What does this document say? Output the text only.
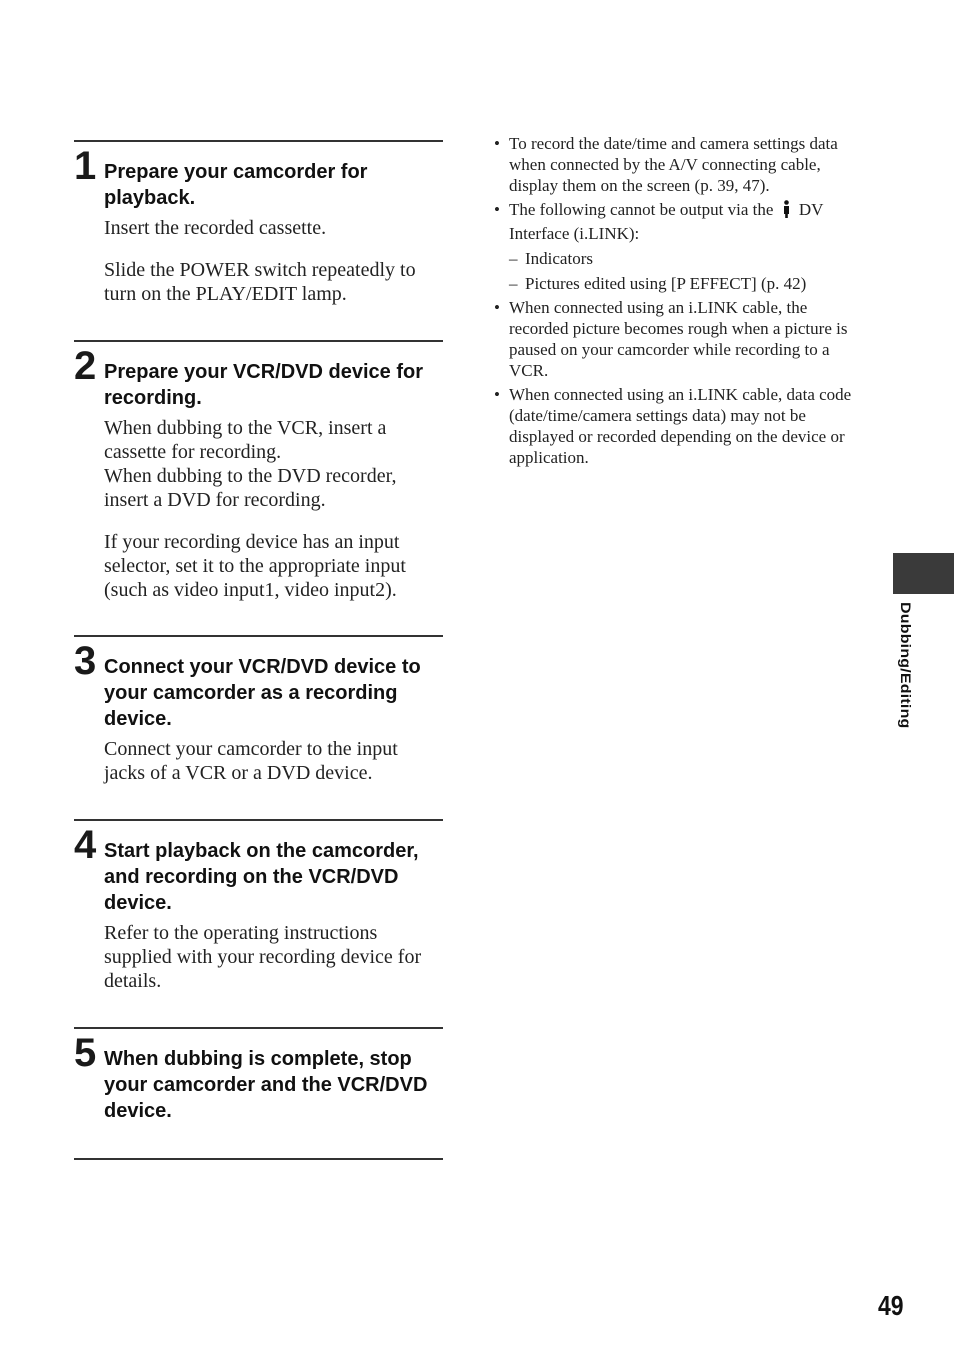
1 Prepare your camcorder for playback.

Insert the recorded cassette.

Slide the POWER switch repeatedly to turn on the PLAY/EDIT lamp.

2 Prepare your VCR/DVD device for recording.

When dubbing to the VCR, insert a cassette for recording.

When dubbing to the DVD recorder, insert a DVD for recording.

If your recording device has an input selector, set it to the appropriate input (such as video input1, video input2).

3 Connect your VCR/DVD device to your camcorder as a recording device.

Connect your camcorder to the input jacks of a VCR or a DVD device.

4 Start playback on the camcorder, and recording on the VCR/DVD device.

Refer to the operating instructions supplied with your recording device for details.

5 When dubbing is complete, stop your camcorder and the VCR/DVD device.
• To record the date/time and camera settings data when connected by the A/V connecting cable, display them on the screen (p. 39, 47).
• The following cannot be output via the DV Interface (i.LINK):
– Indicators
– Pictures edited using [P EFFECT] (p. 42)
• When connected using an i.LINK cable, the recorded picture becomes rough when a picture is paused on your camcorder while recording to a VCR.
• When connected using an i.LINK cable, data code (date/time/camera settings data) may not be displayed or recorded depending on the device or application.
Dubbing/Editing
49
